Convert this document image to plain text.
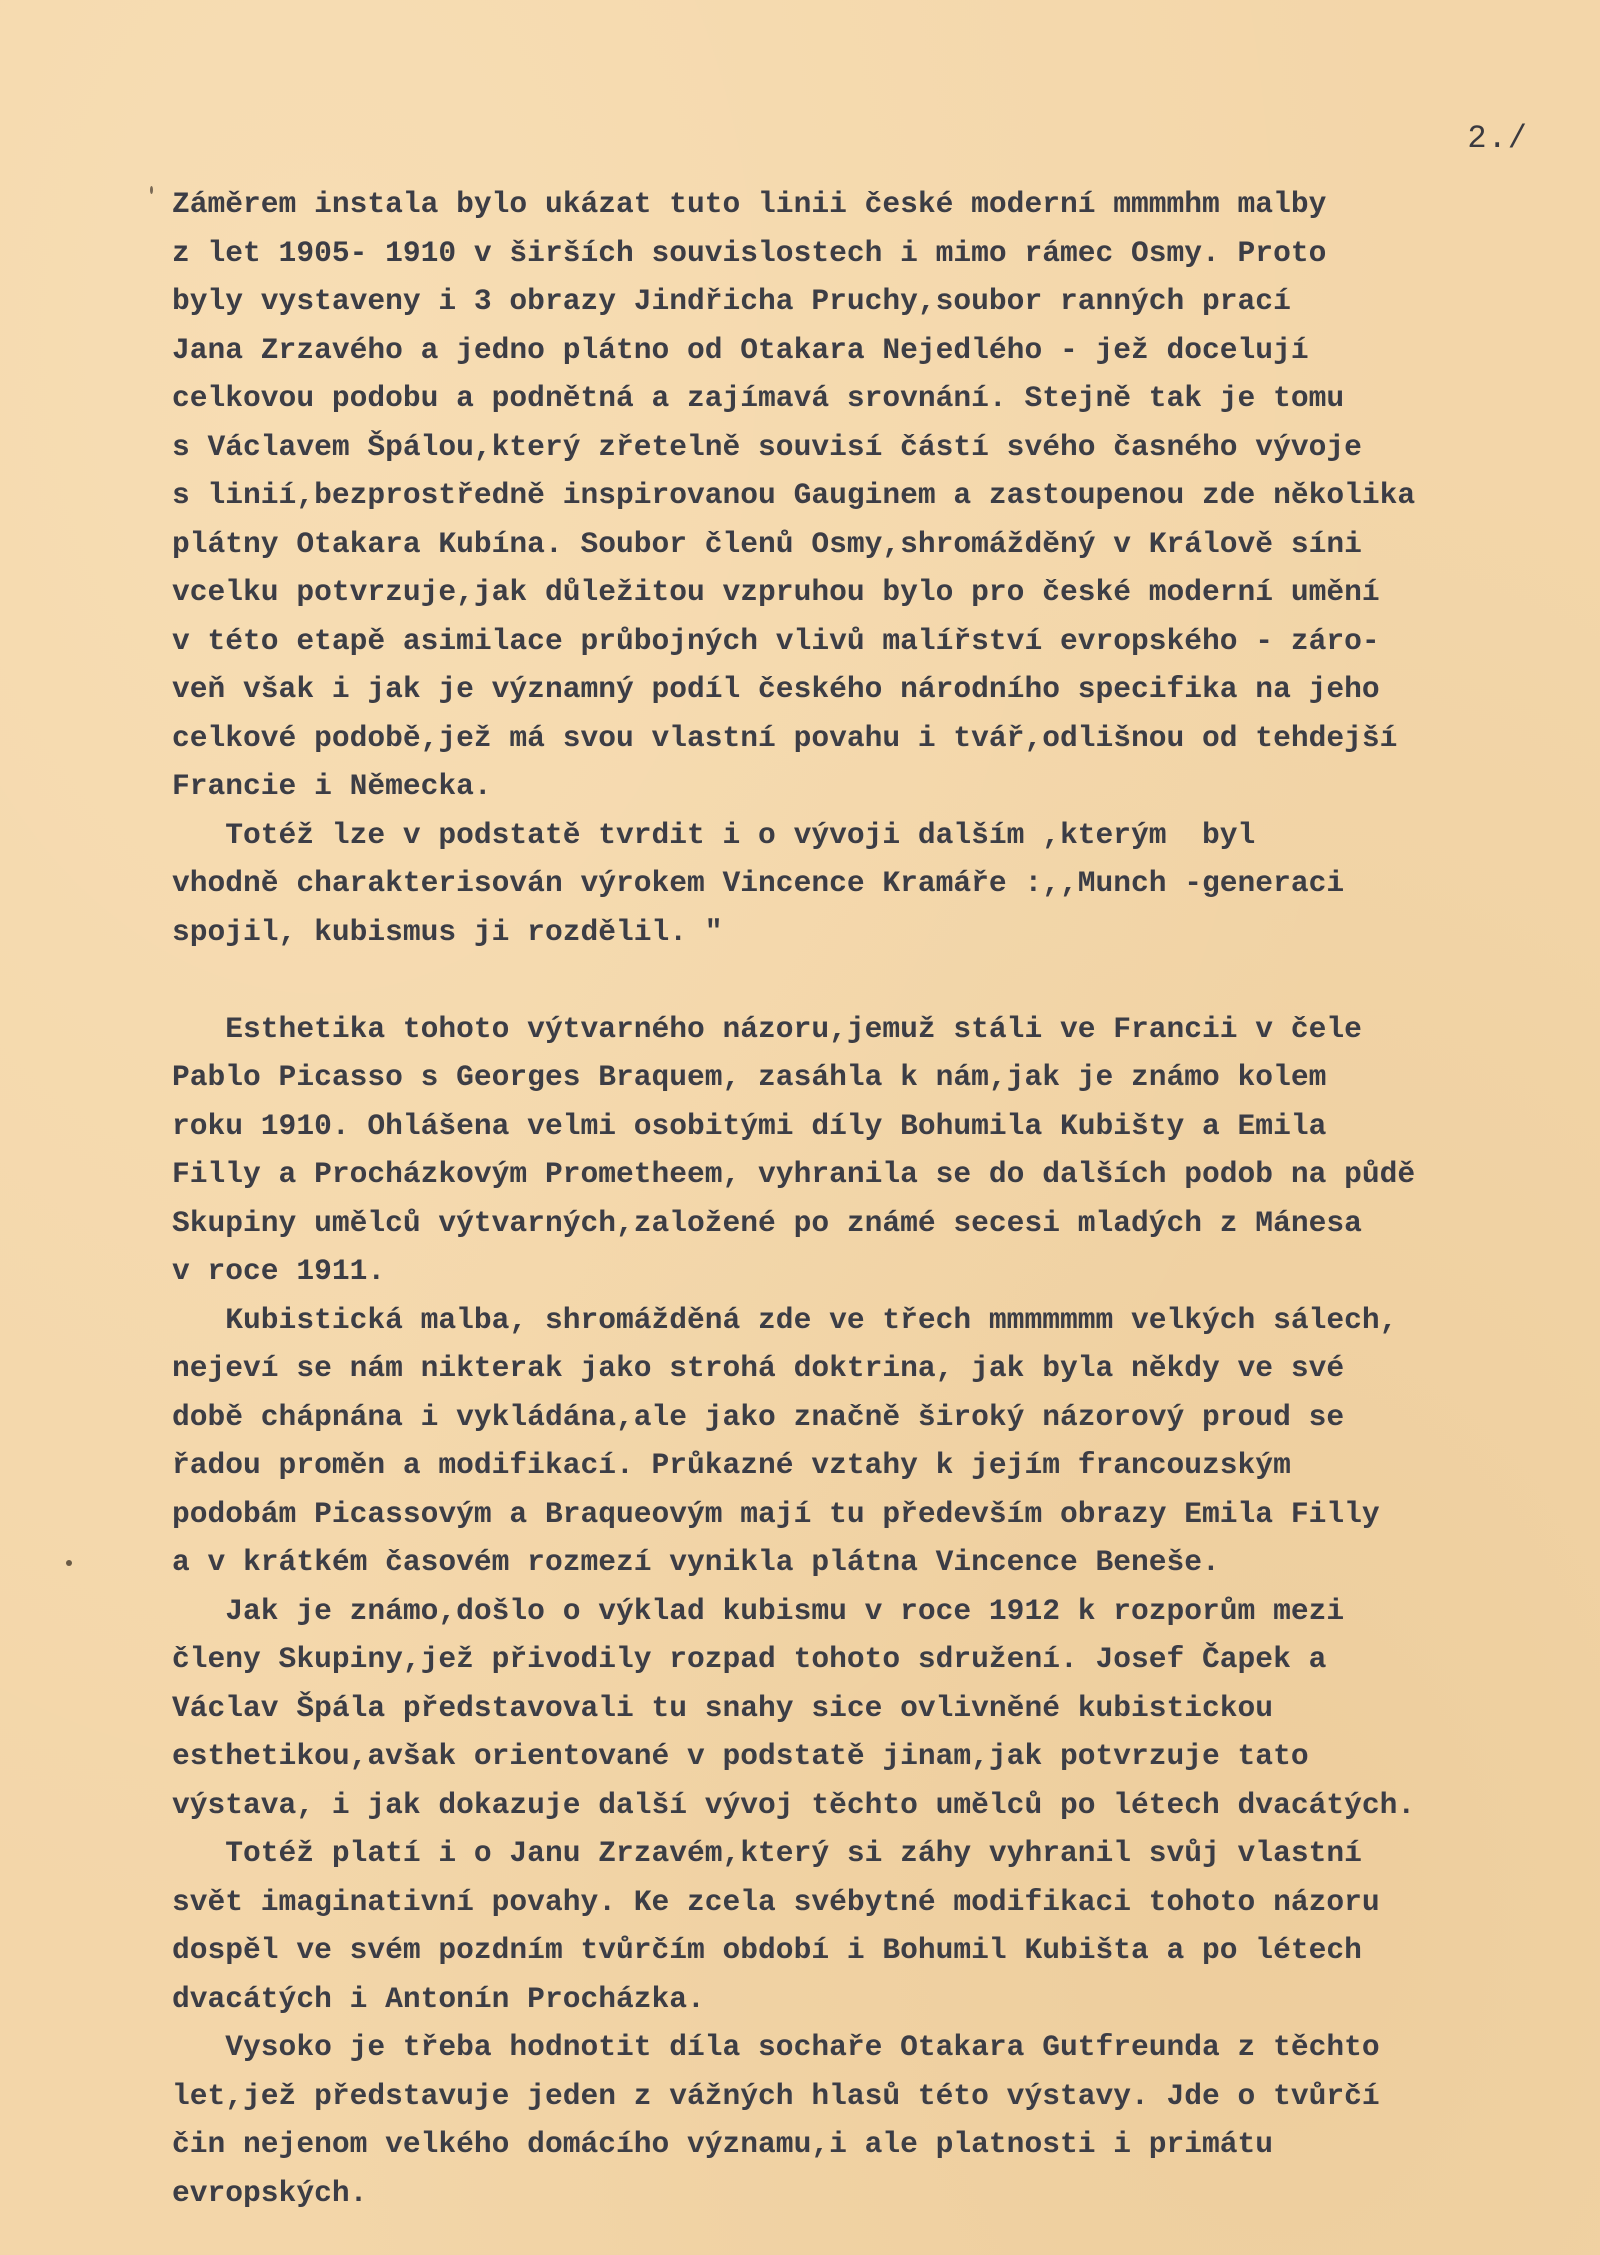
2./
Záměrem instala bylo ukázat tuto linii české moderní mmmmhm malby
z let 1905- 1910 v širších souvislostech i mimo rámec Osmy. Proto
byly vystaveny i 3 obrazy Jindřicha Pruchy,soubor ranných prací
Jana Zrzavého a jedno plátno od Otakara Nejedlého - jež docelují
celkovou podobu a podnětná a zajímavá srovnání. Stejně tak je tomu
s Václavem Špálou,který zřetelně souvisí částí svého časného vývoje
s linií,bezprostředně inspirovanou Gauginem a zastoupenou zde několika
plátny Otakara Kubína. Soubor členů Osmy,shromážděný v Králově síni
vcelku potvrzuje,jak důležitou vzpruhou bylo pro české moderní umění
v této etapě asimilace průbojných vlivů malířství evropského - záro-
veň však i jak je významný podíl českého národního specifika na jeho
celkové podobě,jež má svou vlastní povahu i tvář,odlišnou od tehdejší
Francie i Německa.
Totéž lze v podstatě tvrdit i o vývoji dalším ,kterým  byl
vhodně charakterisován výrokem Vincence Kramáře :,,Munch -generaci
spojil, kubismus ji rozdělil. "
Esthetika tohoto výtvarného názoru,jemuž stáli ve Francii v čele
Pablo Picasso s Georges Braquem, zasáhla k nám,jak je známo kolem
roku 1910. Ohlášena velmi osobitými díly Bohumila Kubišty a Emila
Filly a Procházkovým Prometheem, vyhranila se do dalších podob na půdě
Skupiny umělců výtvarných,založené po známé secesi mladých z Mánesa
v roce 1911.
Kubistická malba, shromážděná zde ve třech mmmmmmm velkých sálech,
nejeví se nám nikterak jako strohá doktrina, jak byla někdy ve své
době chápnána i vykládána,ale jako značně široký názorový proud se
řadou proměn a modifikací. Průkazné vztahy k jejím francouzským
podobám Picassovým a Braqueovým mají tu především obrazy Emila Filly
a v krátkém časovém rozmezí vynikla plátna Vincence Beneše.
Jak je známo,došlo o výklad kubismu v roce 1912 k rozporům mezi
členy Skupiny,jež přivodily rozpad tohoto sdružení. Josef Čapek a
Václav Špála představovali tu snahy sice ovlivněné kubistickou
esthetikou,avšak orientované v podstatě jinam,jak potvrzuje tato
výstava, i jak dokazuje další vývoj těchto umělců po létech dvacátých.
Totéž platí i o Janu Zrzavém,který si záhy vyhranil svůj vlastní
svět imaginativní povahy. Ke zcela svébytné modifikaci tohoto názoru
dospěl ve svém pozdním tvůrčím období i Bohumil Kubišta a po létech
dvacátých i Antonín Procházka.
Vysoko je třeba hodnotit díla sochaře Otakara Gutfreunda z těchto
let,jež představuje jeden z vážných hlasů této výstavy. Jde o tvůrčí
čin nejenom velkého domácího významu,i ale platnosti i primátu
evropských.
